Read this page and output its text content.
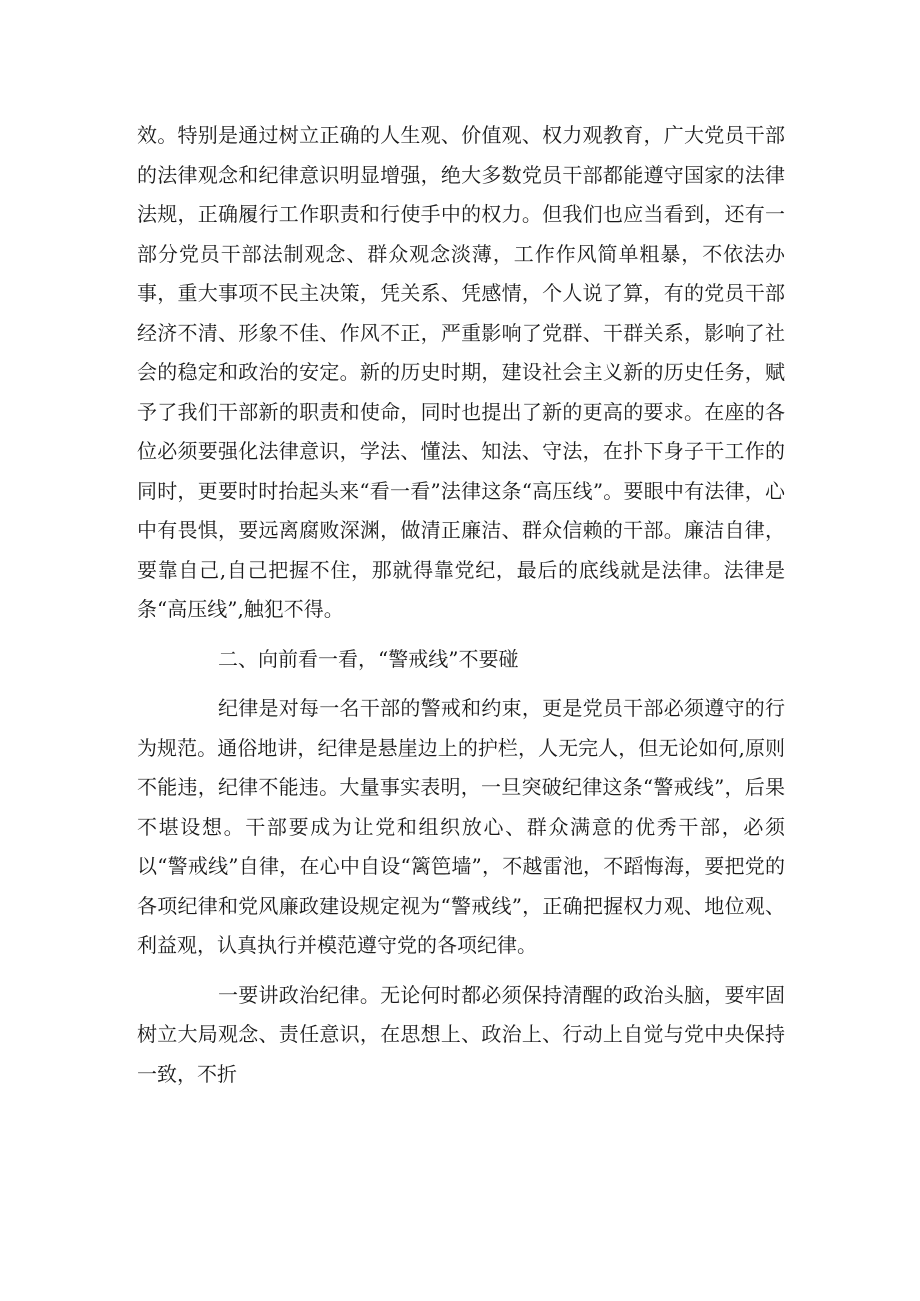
效。特别是通过树立正确的人生观、价值观、权力观教育，广大党员干部的法律观念和纪律意识明显增强，绝大多数党员干部都能遵守国家的法律法规，正确履行工作职责和行使手中的权力。但我们也应当看到，还有一部分党员干部法制观念、群众观念淡薄，工作作风简单粗暴，不依法办事，重大事项不民主决策，凭关系、凭感情，个人说了算，有的党员干部经济不清、形象不佳、作风不正，严重影响了党群、干群关系，影响了社会的稳定和政治的安定。新的历史时期，建设社会主义新的历史任务，赋予了我们干部新的职责和使命，同时也提出了新的更高的要求。在座的各位必须要强化法律意识，学法、懂法、知法、守法，在扑下身子干工作的同时，更要时时抬起头来“看一看”法律这条“高压线”。要眼中有法律，心中有畏惧，要远离腐败深渊，做清正廉洁、群众信赖的干部。廉洁自律，要靠自己,自己把握不住，那就得靠党纪，最后的底线就是法律。法律是条“高压线”,触犯不得。

二、向前看一看，“警戒线”不要碰

纪律是对每一名干部的警戒和约束，更是党员干部必须遵守的行为规范。通俗地讲，纪律是悬崖边上的护栏，人无完人，但无论如何,原则不能违，纪律不能违。大量事实表明，一旦突破纪律这条“警戒线”，后果不堪设想。干部要成为让党和组织放心、群众满意的优秀干部，必须以“警戒线”自律，在心中自设“篱笆墙”，不越雷池，不蹈悔海，要把党的各项纪律和党风廉政建设规定视为“警戒线”，正确把握权力观、地位观、利益观，认真执行并模范遵守党的各项纪律。

一要讲政治纪律。无论何时都必须保持清醒的政治头脑，要牢固树立大局观念、责任意识，在思想上、政治上、行动上自觉与党中央保持一致，不折
